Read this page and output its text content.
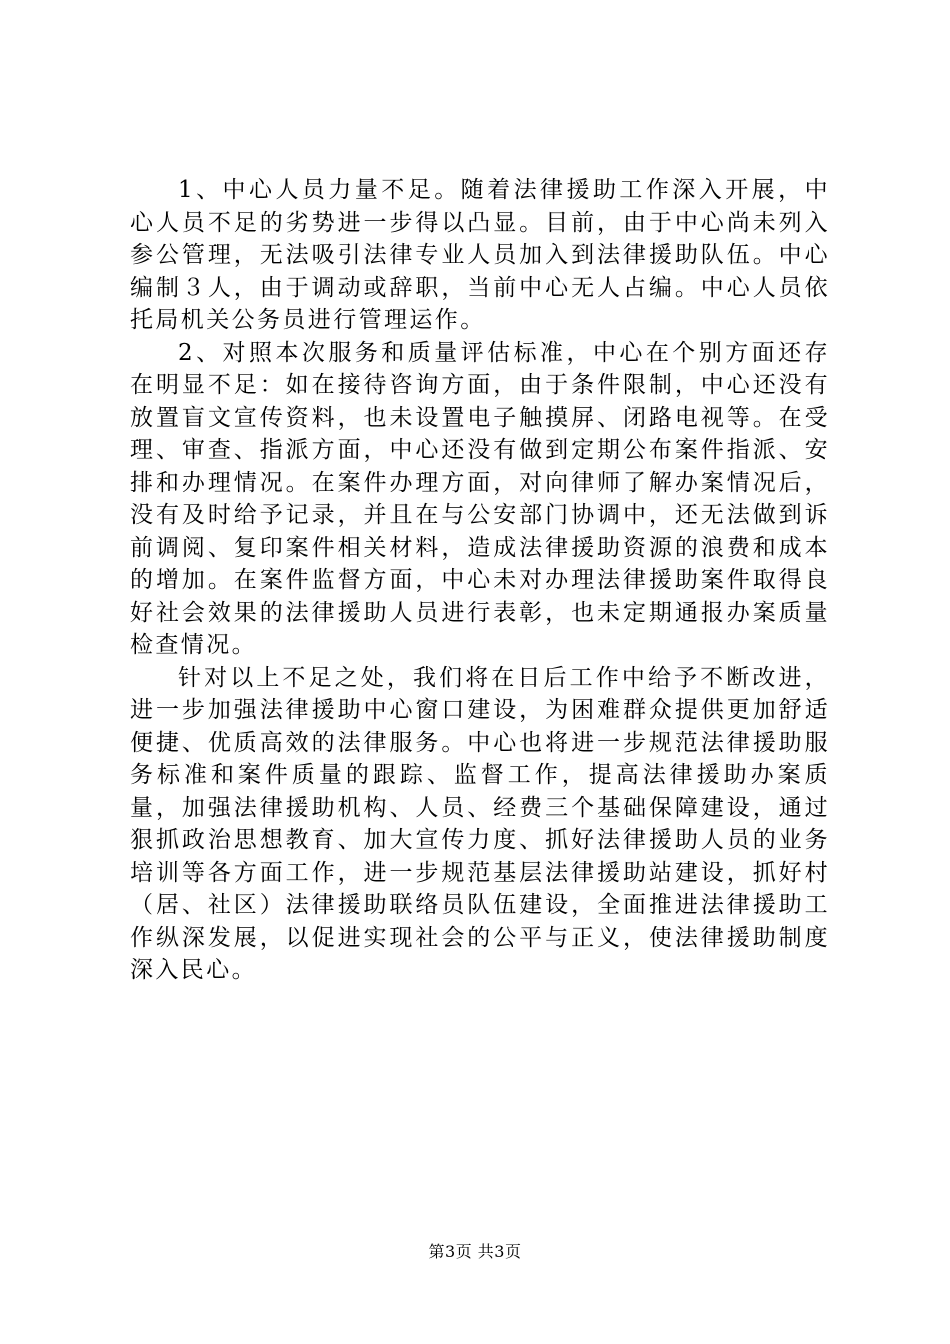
1、中心人员力量不足。随着法律援助工作深入开展，中心人员不足的劣势进一步得以凸显。目前，由于中心尚未列入参公管理，无法吸引法律专业人员加入到法律援助队伍。中心编制３人，由于调动或辞职，当前中心无人占编。中心人员依托局机关公务员进行管理运作。

2、对照本次服务和质量评估标准，中心在个别方面还存在明显不足：如在接待咨询方面，由于条件限制，中心还没有放置盲文宣传资料，也未设置电子触摸屏、闭路电视等。在受理、审查、指派方面，中心还没有做到定期公布案件指派、安排和办理情况。在案件办理方面，对向律师了解办案情况后，没有及时给予记录，并且在与公安部门协调中，还无法做到诉前调阅、复印案件相关材料，造成法律援助资源的浪费和成本的增加。在案件监督方面，中心未对办理法律援助案件取得良好社会效果的法律援助人员进行表彰，也未定期通报办案质量检查情况。

针对以上不足之处，我们将在日后工作中给予不断改进，进一步加强法律援助中心窗口建设，为困难群众提供更加舒适便捷、优质高效的法律服务。中心也将进一步规范法律援助服务标准和案件质量的跟踪、监督工作，提高法律援助办案质量，加强法律援助机构、人员、经费三个基础保障建设，通过狠抓政治思想教育、加大宣传力度、抓好法律援助人员的业务培训等各方面工作，进一步规范基层法律援助站建设，抓好村（居、社区）法律援助联络员队伍建设，全面推进法律援助工作纵深发展，以促进实现社会的公平与正义，使法律援助制度深入民心。

第3页 共3页
